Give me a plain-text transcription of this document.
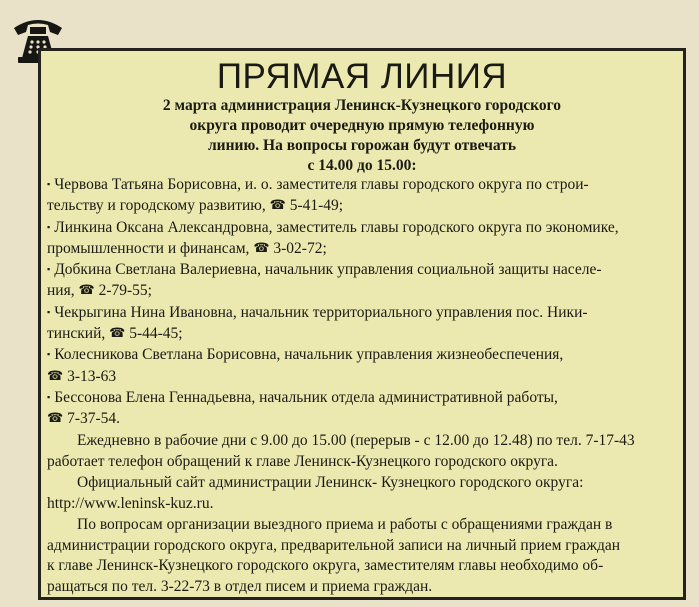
ПРЯМАЯ ЛИНИЯ
2 марта администрация Ленинск-Кузнецкого городского
округа проводит очередную прямую телефонную
линию. На вопросы горожан будут отвечать
с 14.00 до 15.00:
▪ Червова Татьяна Борисовна, и. о. заместителя главы городского округа по строи-
тельству и городскому развитию, ☎ 5-41-49;
▪ Линкина Оксана Александровна, заместитель главы городского округа по экономике,
промышленности и финансам, ☎ 3-02-72;
▪ Добкина Светлана Валериевна, начальник управления социальной защиты населе-
ния, ☎ 2-79-55;
▪ Чекрыгина Нина Ивановна, начальник территориального управления пос. Ники-
тинский, ☎ 5-44-45;
▪ Колесникова Светлана Борисовна, начальник управления жизнеобеспечения,
☎ 3-13-63
▪ Бессонова Елена Геннадьевна, начальник отдела административной работы,
☎ 7-37-54.
Ежедневно в рабочие дни с 9.00 до 15.00 (перерыв - с 12.00 до 12.48) по тел. 7-17-43
работает телефон обращений к главе Ленинск-Кузнецкого городского округа.
Официальный сайт администрации Ленинск- Кузнецкого городского округа:
http://www.leninsk-kuz.ru.
По вопросам организации выездного приема и работы с обращениями граждан в
администрации городского округа, предварительной записи на личный прием граждан
к главе Ленинск-Кузнецкого городского округа, заместителям главы необходимо об-
ращаться по тел. 3-22-73 в отдел писем и приема граждан.
